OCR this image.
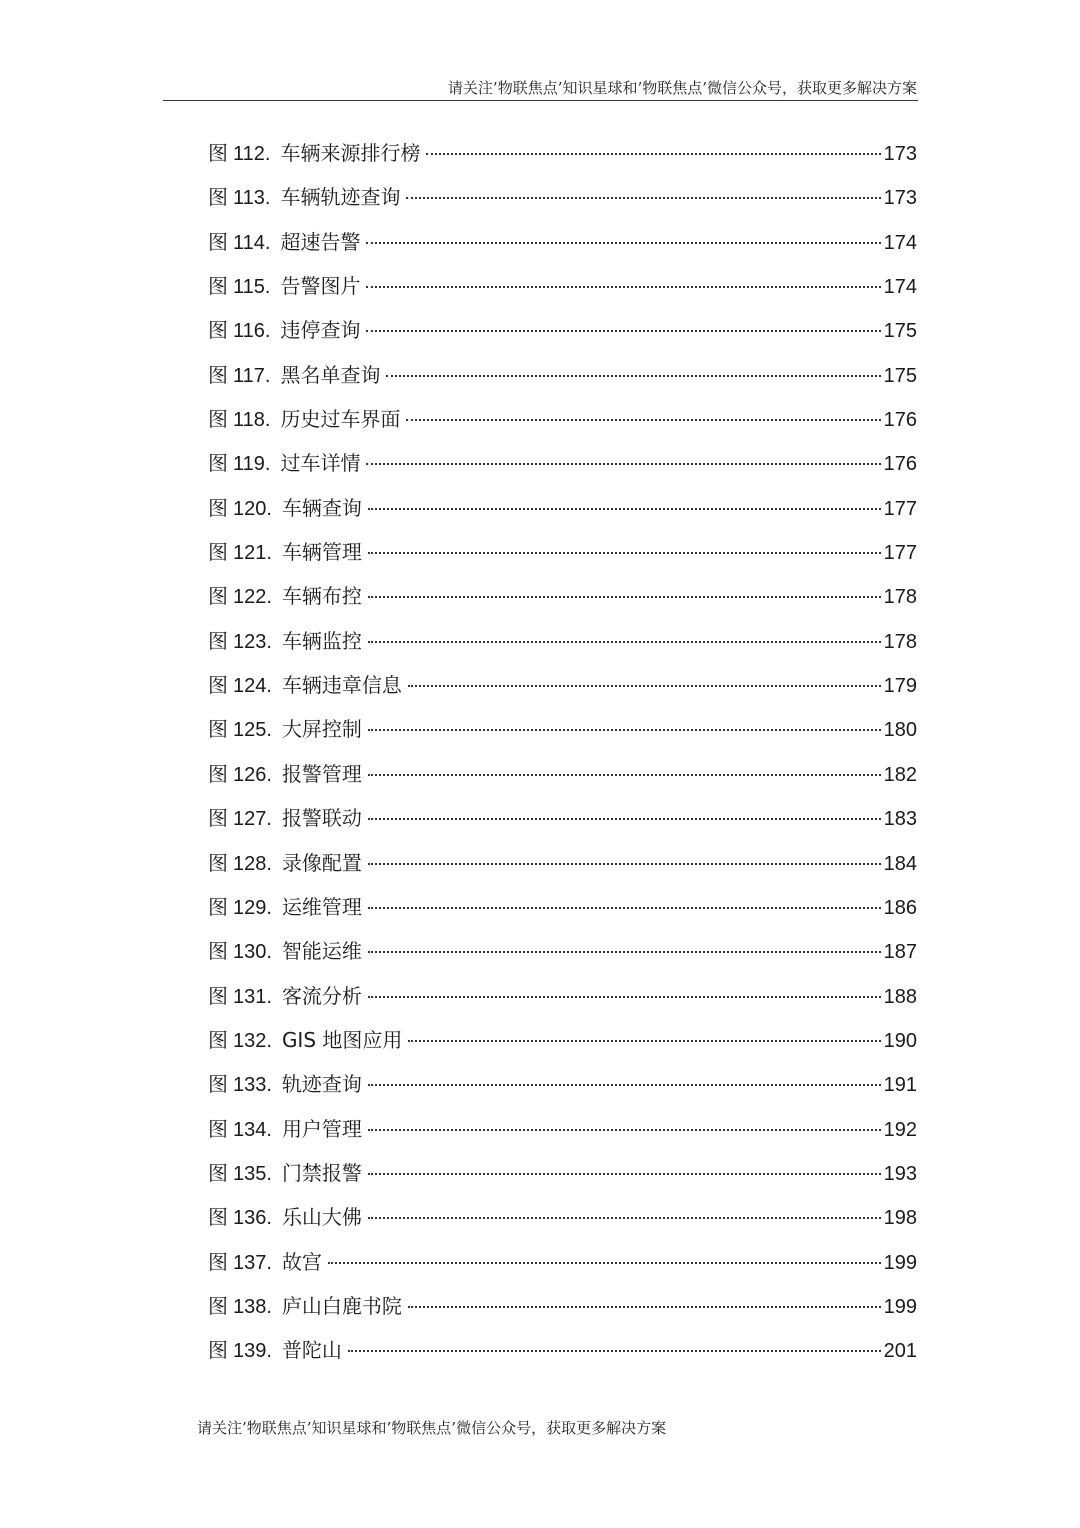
请关注’物联焦点’知识星球和’物联焦点’微信公众号，获取更多解决方案
图 112. 车辆来源排行榜	173
图 113. 车辆轨迹查询	173
图 114. 超速告警	174
图 115. 告警图片	174
图 116. 违停查询	175
图 117. 黑名单查询	175
图 118. 历史过车界面	176
图 119. 过车详情	176
图 120. 车辆查询	177
图 121. 车辆管理	177
图 122. 车辆布控	178
图 123. 车辆监控	178
图 124. 车辆违章信息	179
图 125. 大屏控制	180
图 126. 报警管理	182
图 127. 报警联动	183
图 128. 录像配置	184
图 129. 运维管理	186
图 130. 智能运维	187
图 131. 客流分析	188
图 132. GIS 地图应用	190
图 133. 轨迹查询	191
图 134. 用户管理	192
图 135. 门禁报警	193
图 136. 乐山大佛	198
图 137. 故宫	199
图 138. 庐山白鹿书院	199
图 139. 普陀山	201
请关注’物联焦点’知识星球和’物联焦点’微信公众号，获取更多解决方案
